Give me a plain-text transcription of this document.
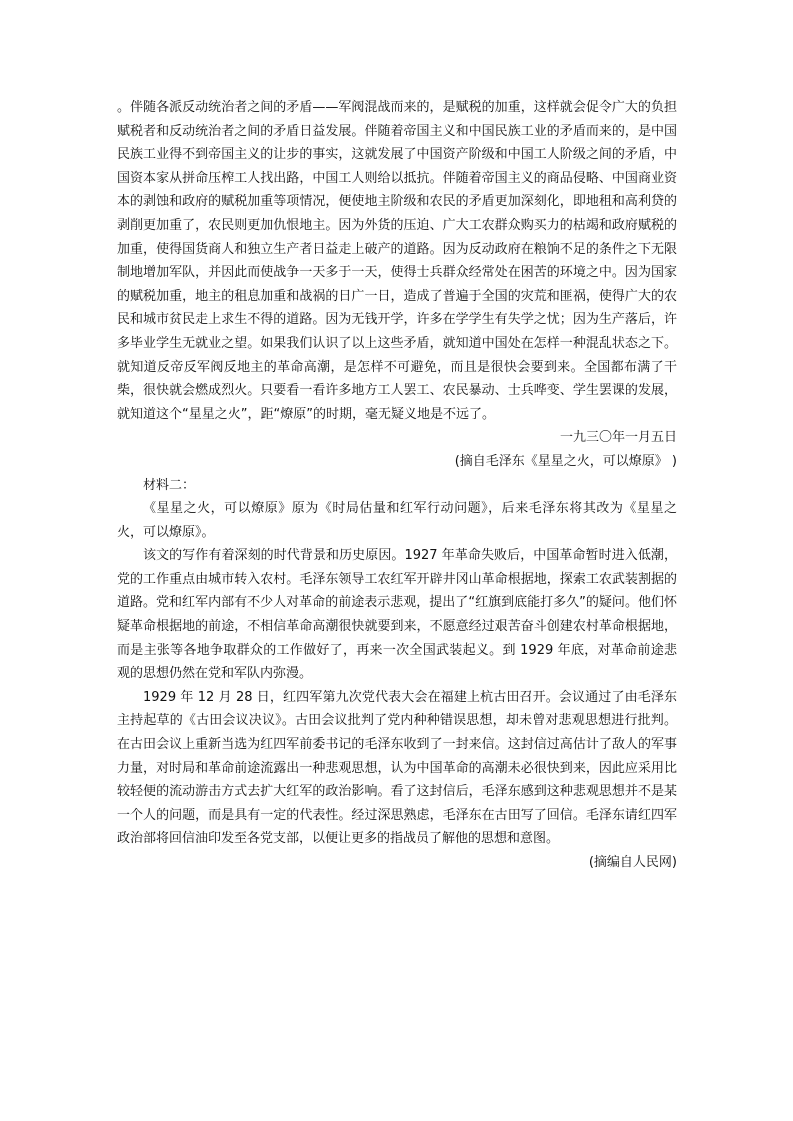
。伴随各派反动统治者之间的矛盾——军阀混战而来的，是赋税的加重，这样就会促令广大的负担赋税者和反动统治者之间的矛盾日益发展。伴随着帝国主义和中国民族工业的矛盾而来的，是中国民族工业得不到帝国主义的让步的事实，这就发展了中国资产阶级和中国工人阶级之间的矛盾，中国资本家从拼命压榨工人找出路，中国工人则给以抵抗。伴随着帝国主义的商品侵略、中国商业资本的剥蚀和政府的赋税加重等项情况，便使地主阶级和农民的矛盾更加深刻化，即地租和高利贷的剥削更加重了，农民则更加仇恨地主。因为外货的压迫、广大工农群众购买力的枯竭和政府赋税的加重，使得国货商人和独立生产者日益走上破产的道路。因为反动政府在粮饷不足的条件之下无限制地增加军队，并因此而使战争一天多于一天，使得士兵群众经常处在困苦的环境之中。因为国家的赋税加重，地主的租息加重和战祸的日广一日，造成了普遍于全国的灾荒和匪祸，使得广大的农民和城市贫民走上求生不得的道路。因为无钱开学，许多在学学生有失学之忧；因为生产落后，许多毕业学生无就业之望。如果我们认识了以上这些矛盾，就知道中国处在怎样一种混乱状态之下。就知道反帝反军阀反地主的革命高潮，是怎样不可避免，而且是很快会要到来。全国都布满了干柴，很快就会燃成烈火。只要看一看许多地方工人罢工、农民暴动、士兵哗变、学生罢课的发展，就知道这个“星星之火”，距“燎原”的时期，毫无疑义地是不远了。

一九三〇年一月五日

(摘自毛泽东《星星之火，可以燎原》 )

材料二：

《星星之火，可以燎原》原为《时局估量和红军行动问题》，后来毛泽东将其改为《星星之火，可以燎原》。

该文的写作有着深刻的时代背景和历史原因。1927 年革命失败后，中国革命暂时进入低潮，党的工作重点由城市转入农村。毛泽东领导工农红军开辟井冈山革命根据地，探索工农武装割据的道路。党和红军内部有不少人对革命的前途表示悲观，提出了“红旗到底能打多久”的疑问。他们怀疑革命根据地的前途，不相信革命高潮很快就要到来，不愿意经过艰苦奋斗创建农村革命根据地，而是主张等各地争取群众的工作做好了，再来一次全国武装起义。到 1929 年底，对革命前途悲观的思想仍然在党和军队内弥漫。

1929 年 12 月 28 日，红四军第九次党代表大会在福建上杭古田召开。会议通过了由毛泽东主持起草的《古田会议决议》。古田会议批判了党内种种错误思想，却未曾对悲观思想进行批判。在古田会议上重新当选为红四军前委书记的毛泽东收到了一封来信。这封信过高估计了敌人的军事力量，对时局和革命前途流露出一种悲观思想，认为中国革命的高潮未必很快到来，因此应采用比较轻便的流动游击方式去扩大红军的政治影响。看了这封信后，毛泽东感到这种悲观思想并不是某一个人的问题，而是具有一定的代表性。经过深思熟虑，毛泽东在古田写了回信。毛泽东请红四军政治部将回信油印发至各党支部，以便让更多的指战员了解他的思想和意图。

(摘编自人民网)
